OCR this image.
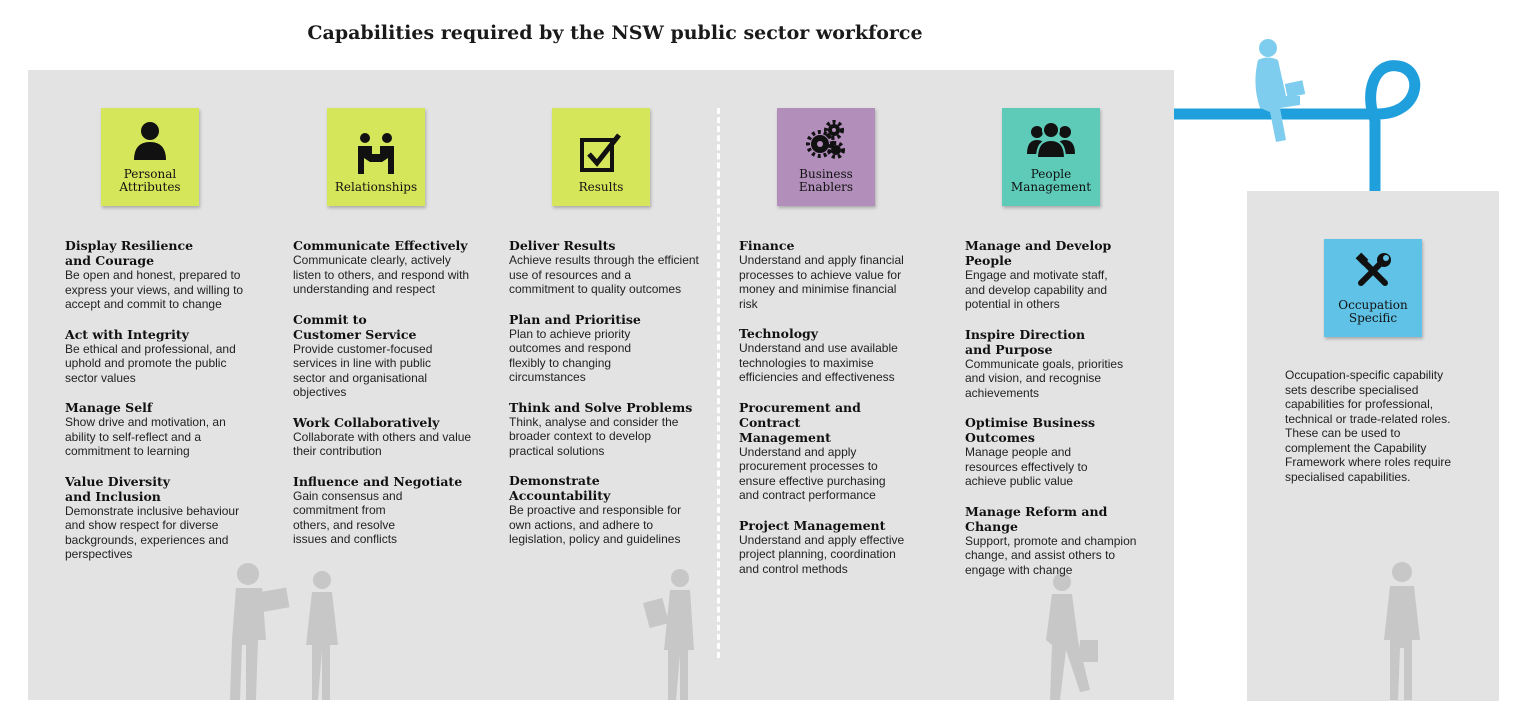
Capabilities required by the NSW public sector workforce
Personal
Attributes	Relationships	Results
Business
Enablers
People
Management
Occupation
Specific
Display Resilience
and Courage
Be open and honest, prepared to express your views, and willing to accept and commit to change
Act with Integrity
Be ethical and professional, and uphold and promote the public sector values
Manage Self
Show drive and motivation, an ability to self-reflect and a commitment to learning
Value Diversity
and Inclusion
Demonstrate inclusive behaviour and show respect for diverse backgrounds, experiences and perspectives
Communicate Effectively
Communicate clearly, actively listen to others, and respond with understanding and respect
Commit to
Customer Service
Provide customer-focused services in line with public sector and organisational objectives
Work Collaboratively
Collaborate with others and value their contribution
Influence and Negotiate
Gain consensus and commitment from others, and resolve issues and conflicts
Deliver Results
Achieve results through the efficient use of resources and a commitment to quality outcomes
Plan and Prioritise
Plan to achieve priority outcomes and respond flexibly to changing circumstances
Think and Solve Problems
Think, analyse and consider the broader context to develop practical solutions
Demonstrate Accountability
Be proactive and responsible for own actions, and adhere to legislation, policy and guidelines
Finance
Understand and apply financial processes to achieve value for money and minimise financial risk
Technology
Understand and use available technologies to maximise efficiencies and effectiveness
Procurement and Contract
Management
Understand and apply procurement processes to ensure effective purchasing and contract performance
Project Management
Understand and apply effective project planning, coordination and control methods
Manage and Develop People
Engage and motivate staff, and develop capability and potential in others
Inspire Direction
and Purpose
Communicate goals, priorities and vision, and recognise achievements
Optimise Business
Outcomes
Manage people and resources effectively to achieve public value
Manage Reform and Change
Support, promote and champion change, and assist others to engage with change
Occupation-specific capability sets describe specialised capabilities for professional, technical or trade-related roles. These can be used to complement the Capability Framework where roles require specialised capabilities.
